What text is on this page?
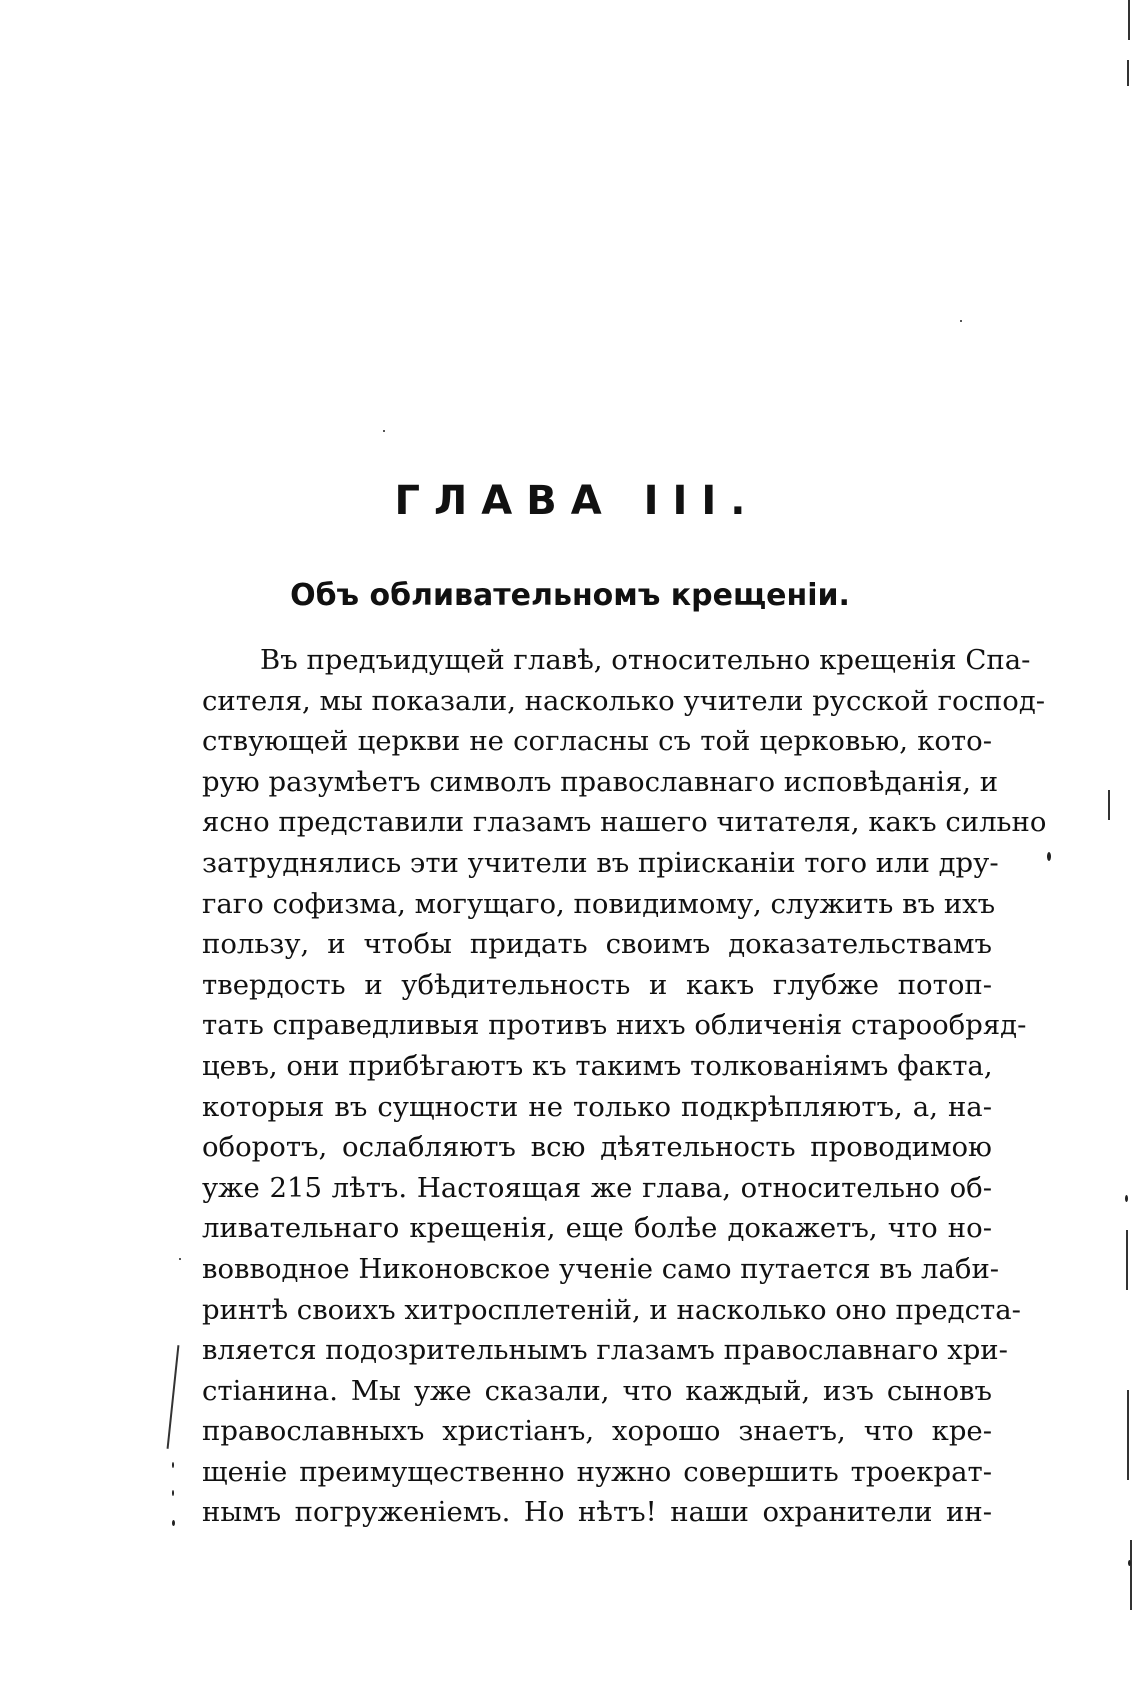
ГЛАВА III.
Объ обливательномъ крещеніи.
Въ предъидущей главѣ, относительно крещенія Спа-
сителя, мы показали, насколько учители русской господ-
ствующей церкви не согласны съ той церковью, кото-
рую разумѣетъ символъ православнаго исповѣданія, и
ясно представили глазамъ нашего читателя, какъ сильно
затруднялись эти учители въ пріисканіи того или дру-
гаго софизма, могущаго, повидимому, служить въ ихъ
пользу, и чтобы придать своимъ доказательствамъ
твердость и убѣдительность и какъ глубже потоп-
тать справедливыя противъ нихъ обличенія старообряд-
цевъ, они прибѣгаютъ къ такимъ толкованіямъ факта,
которыя въ сущности не только подкрѣпляютъ, а, на-
оборотъ, ослабляютъ всю дѣятельность проводимою
уже 215 лѣтъ. Настоящая же глава, относительно об-
ливательнаго крещенія, еще болѣе докажетъ, что но-
вовводное Никоновское ученіе само путается въ лаби-
ринтѣ своихъ хитросплетеній, и насколько оно предста-
вляется подозрительнымъ глазамъ православнаго хри-
стіанина. Мы уже сказали, что каждый, изъ сыновъ
православныхъ христіанъ, хорошо знаетъ, что кре-
щеніе преимущественно нужно совершить троекрат-
нымъ погруженіемъ. Но нѣтъ! наши охранители ин-
